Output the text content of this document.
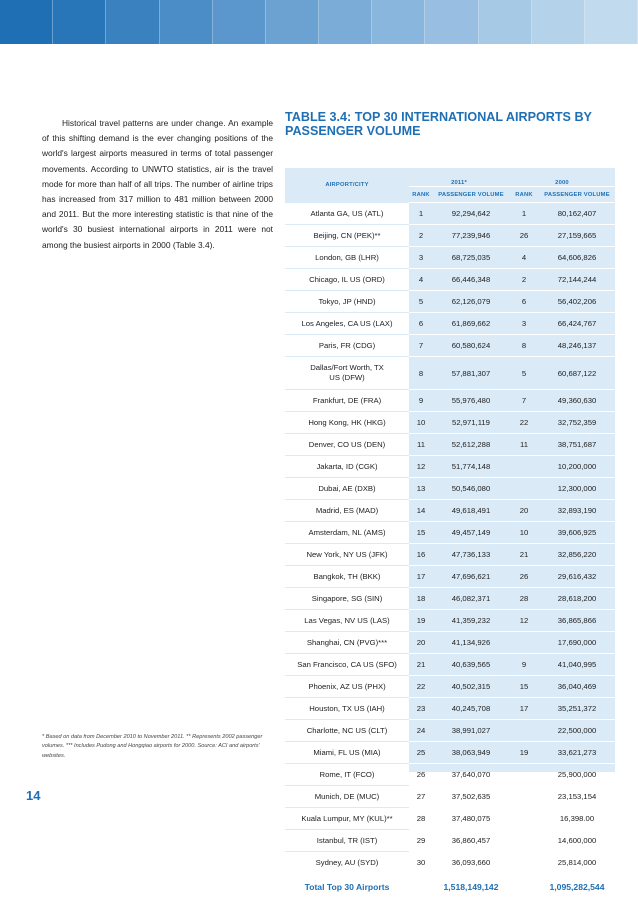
Historical travel patterns are under change. An example of this shifting demand is the ever changing positions of the world's largest airports measured in terms of total passenger movements. According to UNWTO statistics, air is the travel mode for more than half of all trips. The number of airline trips has increased from 317 million to 481 million between 2000 and 2011. But the more interesting statistic is that nine of the world's 30 busiest international airports in 2011 were not among the busiest airports in 2000 (Table 3.4).
* Based on data from December 2010 to November 2011. ** Represents 2002 passenger volumes. *** Includes Pudong and Hongqiao airports for 2000. Source: ACI and airports' websites.
14
TABLE 3.4: TOP 30 INTERNATIONAL AIRPORTS BY PASSENGER VOLUME
AIRPORT/CITY	2011*		2000	
	RANK	PASSENGER VOLUME	RANK	PASSENGER VOLUME
Atlanta GA, US (ATL)	1	92,294,642	1	80,162,407
Beijing, CN (PEK)**	2	77,239,946	26	27,159,665
London, GB (LHR)	3	68,725,035	4	64,606,826
Chicago, IL US (ORD)	4	66,446,348	2	72,144,244
Tokyo, JP (HND)	5	62,126,079	6	56,402,206
Los Angeles, CA US (LAX)	6	61,869,662	3	66,424,767
Paris, FR (CDG)	7	60,580,624	8	48,246,137
Dallas/Fort Worth, TX US (DFW)	8	57,881,307	5	60,687,122
Frankfurt, DE (FRA)	9	55,976,480	7	49,360,630
Hong Kong, HK (HKG)	10	52,971,119	22	32,752,359
Denver, CO US (DEN)	11	52,612,288	11	38,751,687
Jakarta, ID (CGK)	12	51,774,148		10,200,000
Dubai, AE (DXB)	13	50,546,080		12,300,000
Madrid, ES (MAD)	14	49,618,491	20	32,893,190
Amsterdam, NL (AMS)	15	49,457,149	10	39,606,925
New York, NY US (JFK)	16	47,736,133	21	32,856,220
Bangkok, TH (BKK)	17	47,696,621	26	29,616,432
Singapore, SG (SIN)	18	46,082,371	28	28,618,200
Las Vegas, NV US (LAS)	19	41,359,232	12	36,865,866
Shanghai, CN (PVG)***	20	41,134,926		17,690,000
San Francisco, CA US (SFO)	21	40,639,565	9	41,040,995
Phoenix, AZ US (PHX)	22	40,502,315	15	36,040,469
Houston, TX US (IAH)	23	40,245,708	17	35,251,372
Charlotte, NC US (CLT)	24	38,991,027		22,500,000
Miami, FL US (MIA)	25	38,063,949	19	33,621,273
Rome, IT (FCO)	26	37,640,070		25,900,000
Munich, DE (MUC)	27	37,502,635		23,153,154
Kuala Lumpur, MY (KUL)**	28	37,480,075		16,398.00
Istanbul, TR (IST)	29	36,860,457		14,600,000
Sydney, AU (SYD)	30	36,093,660		25,814,000
Total Top 30 Airports		1,518,149,142		1,095,282,544
